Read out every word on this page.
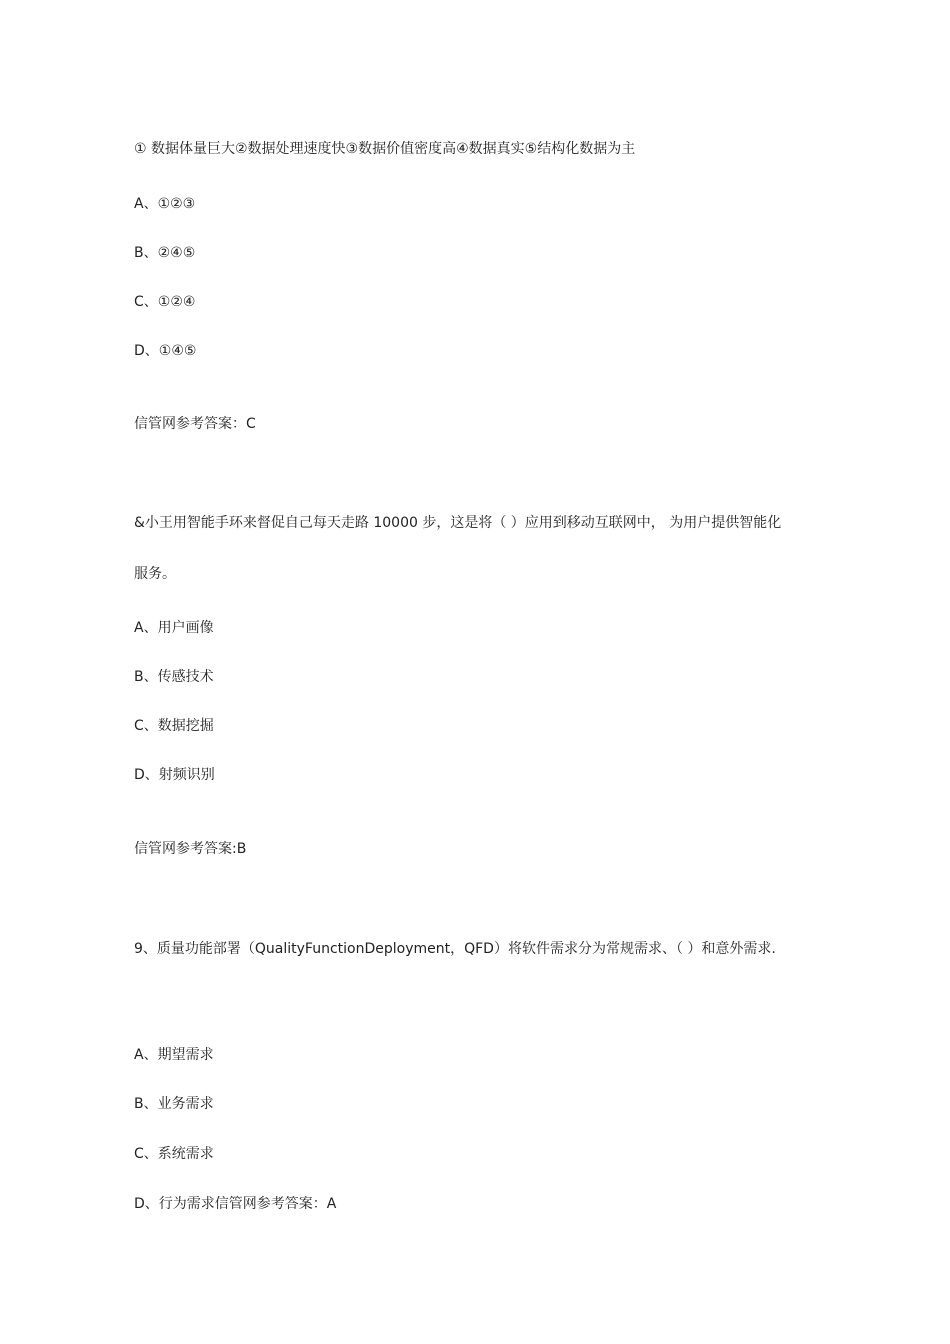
① 数据体量巨大②数据处理速度快③数据价值密度高④数据真实⑤结构化数据为主
A、①②③
B、②④⑤
C、①②④
D、①④⑤
信管网参考答案：C
&小王用智能手环来督促自己每天走路 10000 步，这是将（ ）应用到移动互联网中， 为用户提供智能化
服务。
A、用户画像
B、传感技术
C、数据挖掘
D、射频识别
信管网参考答案:B
9、质量功能部署（QualityFunctionDeployment，QFD）将软件需求分为常规需求、（ ）和意外需求.
A、期望需求
B、业务需求
C、系统需求
D、行为需求信管网参考答案：A
